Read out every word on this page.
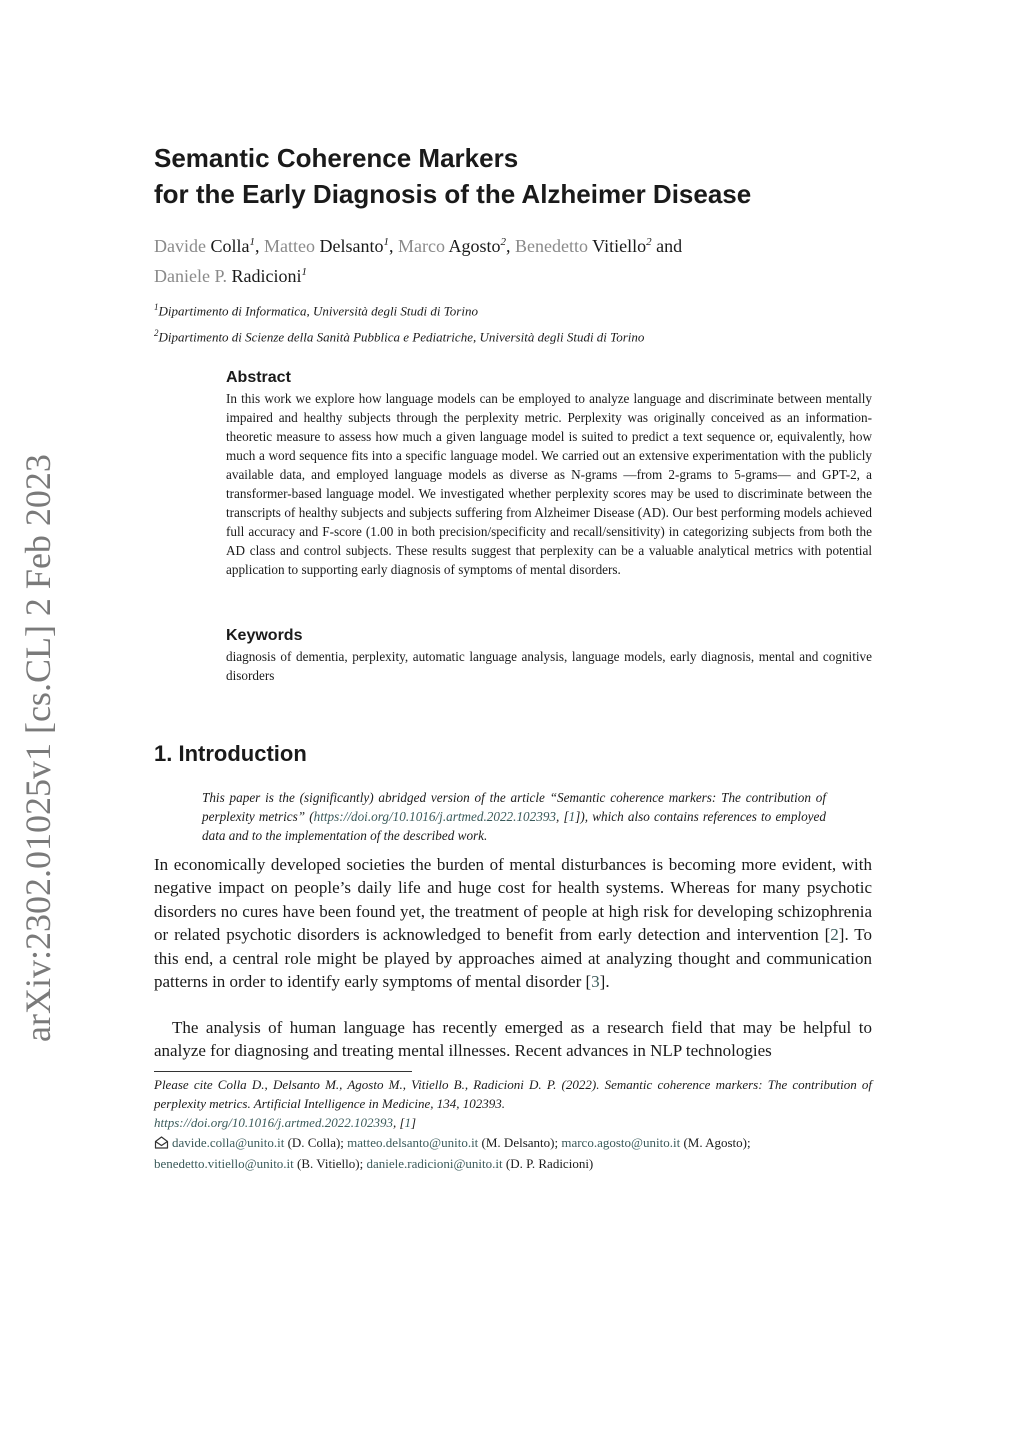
arXiv:2302.01025v1 [cs.CL] 2 Feb 2023
Semantic Coherence Markers
for the Early Diagnosis of the Alzheimer Disease
Davide Colla$^1$, Matteo Delsanto$^1$, Marco Agosto$^2$, Benedetto Vitiello$^2$ and
Daniele P. Radicioni$^1$
$^1$Dipartimento di Informatica, Università degli Studi di Torino
$^2$Dipartimento di Scienze della Sanità Pubblica e Pediatriche, Università degli Studi di Torino
Abstract
In this work we explore how language models can be employed to analyze language and discriminate between mentally impaired and healthy subjects through the perplexity metric. Perplexity was originally conceived as an information-theoretic measure to assess how much a given language model is suited to predict a text sequence or, equivalently, how much a word sequence fits into a specific language model. We carried out an extensive experimentation with the publicly available data, and employed language models as diverse as N-grams —from 2-grams to 5-grams— and GPT-2, a transformer-based language model. We investigated whether perplexity scores may be used to discriminate between the transcripts of healthy subjects and subjects suffering from Alzheimer Disease (AD). Our best performing models achieved full accuracy and F-score (1.00 in both precision/specificity and recall/sensitivity) in categorizing subjects from both the AD class and control subjects. These results suggest that perplexity can be a valuable analytical metrics with potential application to supporting early diagnosis of symptoms of mental disorders.
Keywords
diagnosis of dementia, perplexity, automatic language analysis, language models, early diagnosis, mental and cognitive disorders
1. Introduction
This paper is the (significantly) abridged version of the article “Semantic coherence markers: The contribution of perplexity metrics” (https://doi.org/10.1016/j.artmed.2022.102393, [1]), which also contains references to employed data and to the implementation of the described work.
In economically developed societies the burden of mental disturbances is becoming more evident, with negative impact on people’s daily life and huge cost for health systems. Whereas for many psychotic disorders no cures have been found yet, the treatment of people at high risk for developing schizophrenia or related psychotic disorders is acknowledged to benefit from early detection and intervention [2]. To this end, a central role might be played by approaches aimed at analyzing thought and communication patterns in order to identify early symptoms of mental disorder [3].
The analysis of human language has recently emerged as a research field that may be helpful to analyze for diagnosing and treating mental illnesses. Recent advances in NLP technologies
Please cite Colla D., Delsanto M., Agosto M., Vitiello B., Radicioni D. P. (2022). Semantic coherence markers: The contribution of perplexity metrics. Artificial Intelligence in Medicine, 134, 102393.
https://doi.org/10.1016/j.artmed.2022.102393, [1]
davide.colla@unito.it (D. Colla); matteo.delsanto@unito.it (M. Delsanto); marco.agosto@unito.it (M. Agosto);
benedetto.vitiello@unito.it (B. Vitiello); daniele.radicioni@unito.it (D. P. Radicioni)
